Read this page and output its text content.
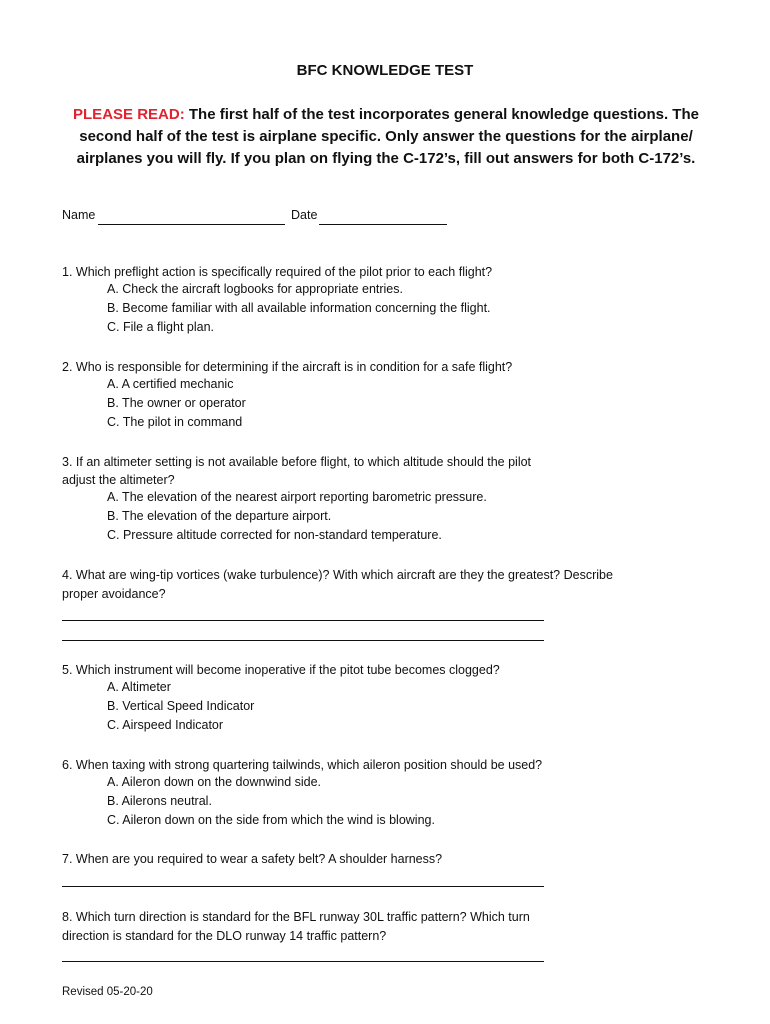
BFC KNOWLEDGE TEST
PLEASE READ: The first half of the test incorporates general knowledge questions. The second half of the test is airplane specific. Only answer the questions for the airplane/ airplanes you will fly. If you plan on flying the C-172’s, fill out answers for both C-172’s.
Name	Date
1. Which preflight action is specifically required of the pilot prior to each flight?
A. Check the aircraft logbooks for appropriate entries.
B. Become familiar with all available information concerning the flight.
C. File a flight plan.
2. Who is responsible for determining if the aircraft is in condition for a safe flight?
A. A certified mechanic
B. The owner or operator
C. The pilot in command
3. If an altimeter setting is not available before flight, to which altitude should the pilot
adjust the altimeter?
A. The elevation of the nearest airport reporting barometric pressure.
B. The elevation of the departure airport.
C. Pressure altitude corrected for non-standard temperature.
4. What are wing-tip vortices (wake turbulence)? With which aircraft are they the greatest? Describe
proper avoidance?
5. Which instrument will become inoperative if the pitot tube becomes clogged?
A. Altimeter
B. Vertical Speed Indicator
C. Airspeed Indicator
6. When taxing with strong quartering tailwinds, which aileron position should be used?
A. Aileron down on the downwind side.
B. Ailerons neutral.
C. Aileron down on the side from which the wind is blowing.
7. When are you required to wear a safety belt? A shoulder harness?
8. Which turn direction is standard for the BFL runway 30L traffic pattern? Which turn
direction is standard for the DLO runway 14 traffic pattern?
Revised 05-20-20
